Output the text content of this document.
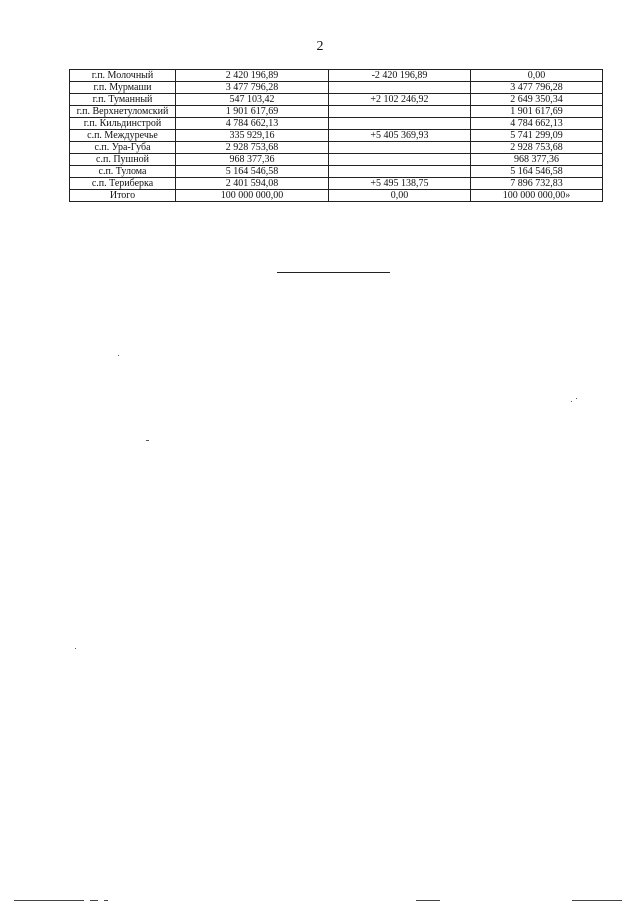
2
г.п. Молочный	2 420 196,89	-2 420 196,89	0,00
г.п. Мурмаши	3 477 796,28		3 477 796,28
г.п. Туманный	547 103,42	+2 102 246,92	2 649 350,34
г.п. Верхнетуломский	1 901 617,69		1 901 617,69
г.п. Кильдинстрой	4 784 662,13		4 784 662,13
с.п. Междуречье	335 929,16	+5 405 369,93	5 741 299,09
с.п. Ура-Губа	2 928 753,68		2 928 753,68
с.п. Пушной	968 377,36		968 377,36
с.п. Тулома	5 164 546,58		5 164 546,58
с.п. Териберка	2 401 594,08	+5 495 138,75	7 896 732,83
Итого	100 000 000,00	0,00	100 000 000,00»
